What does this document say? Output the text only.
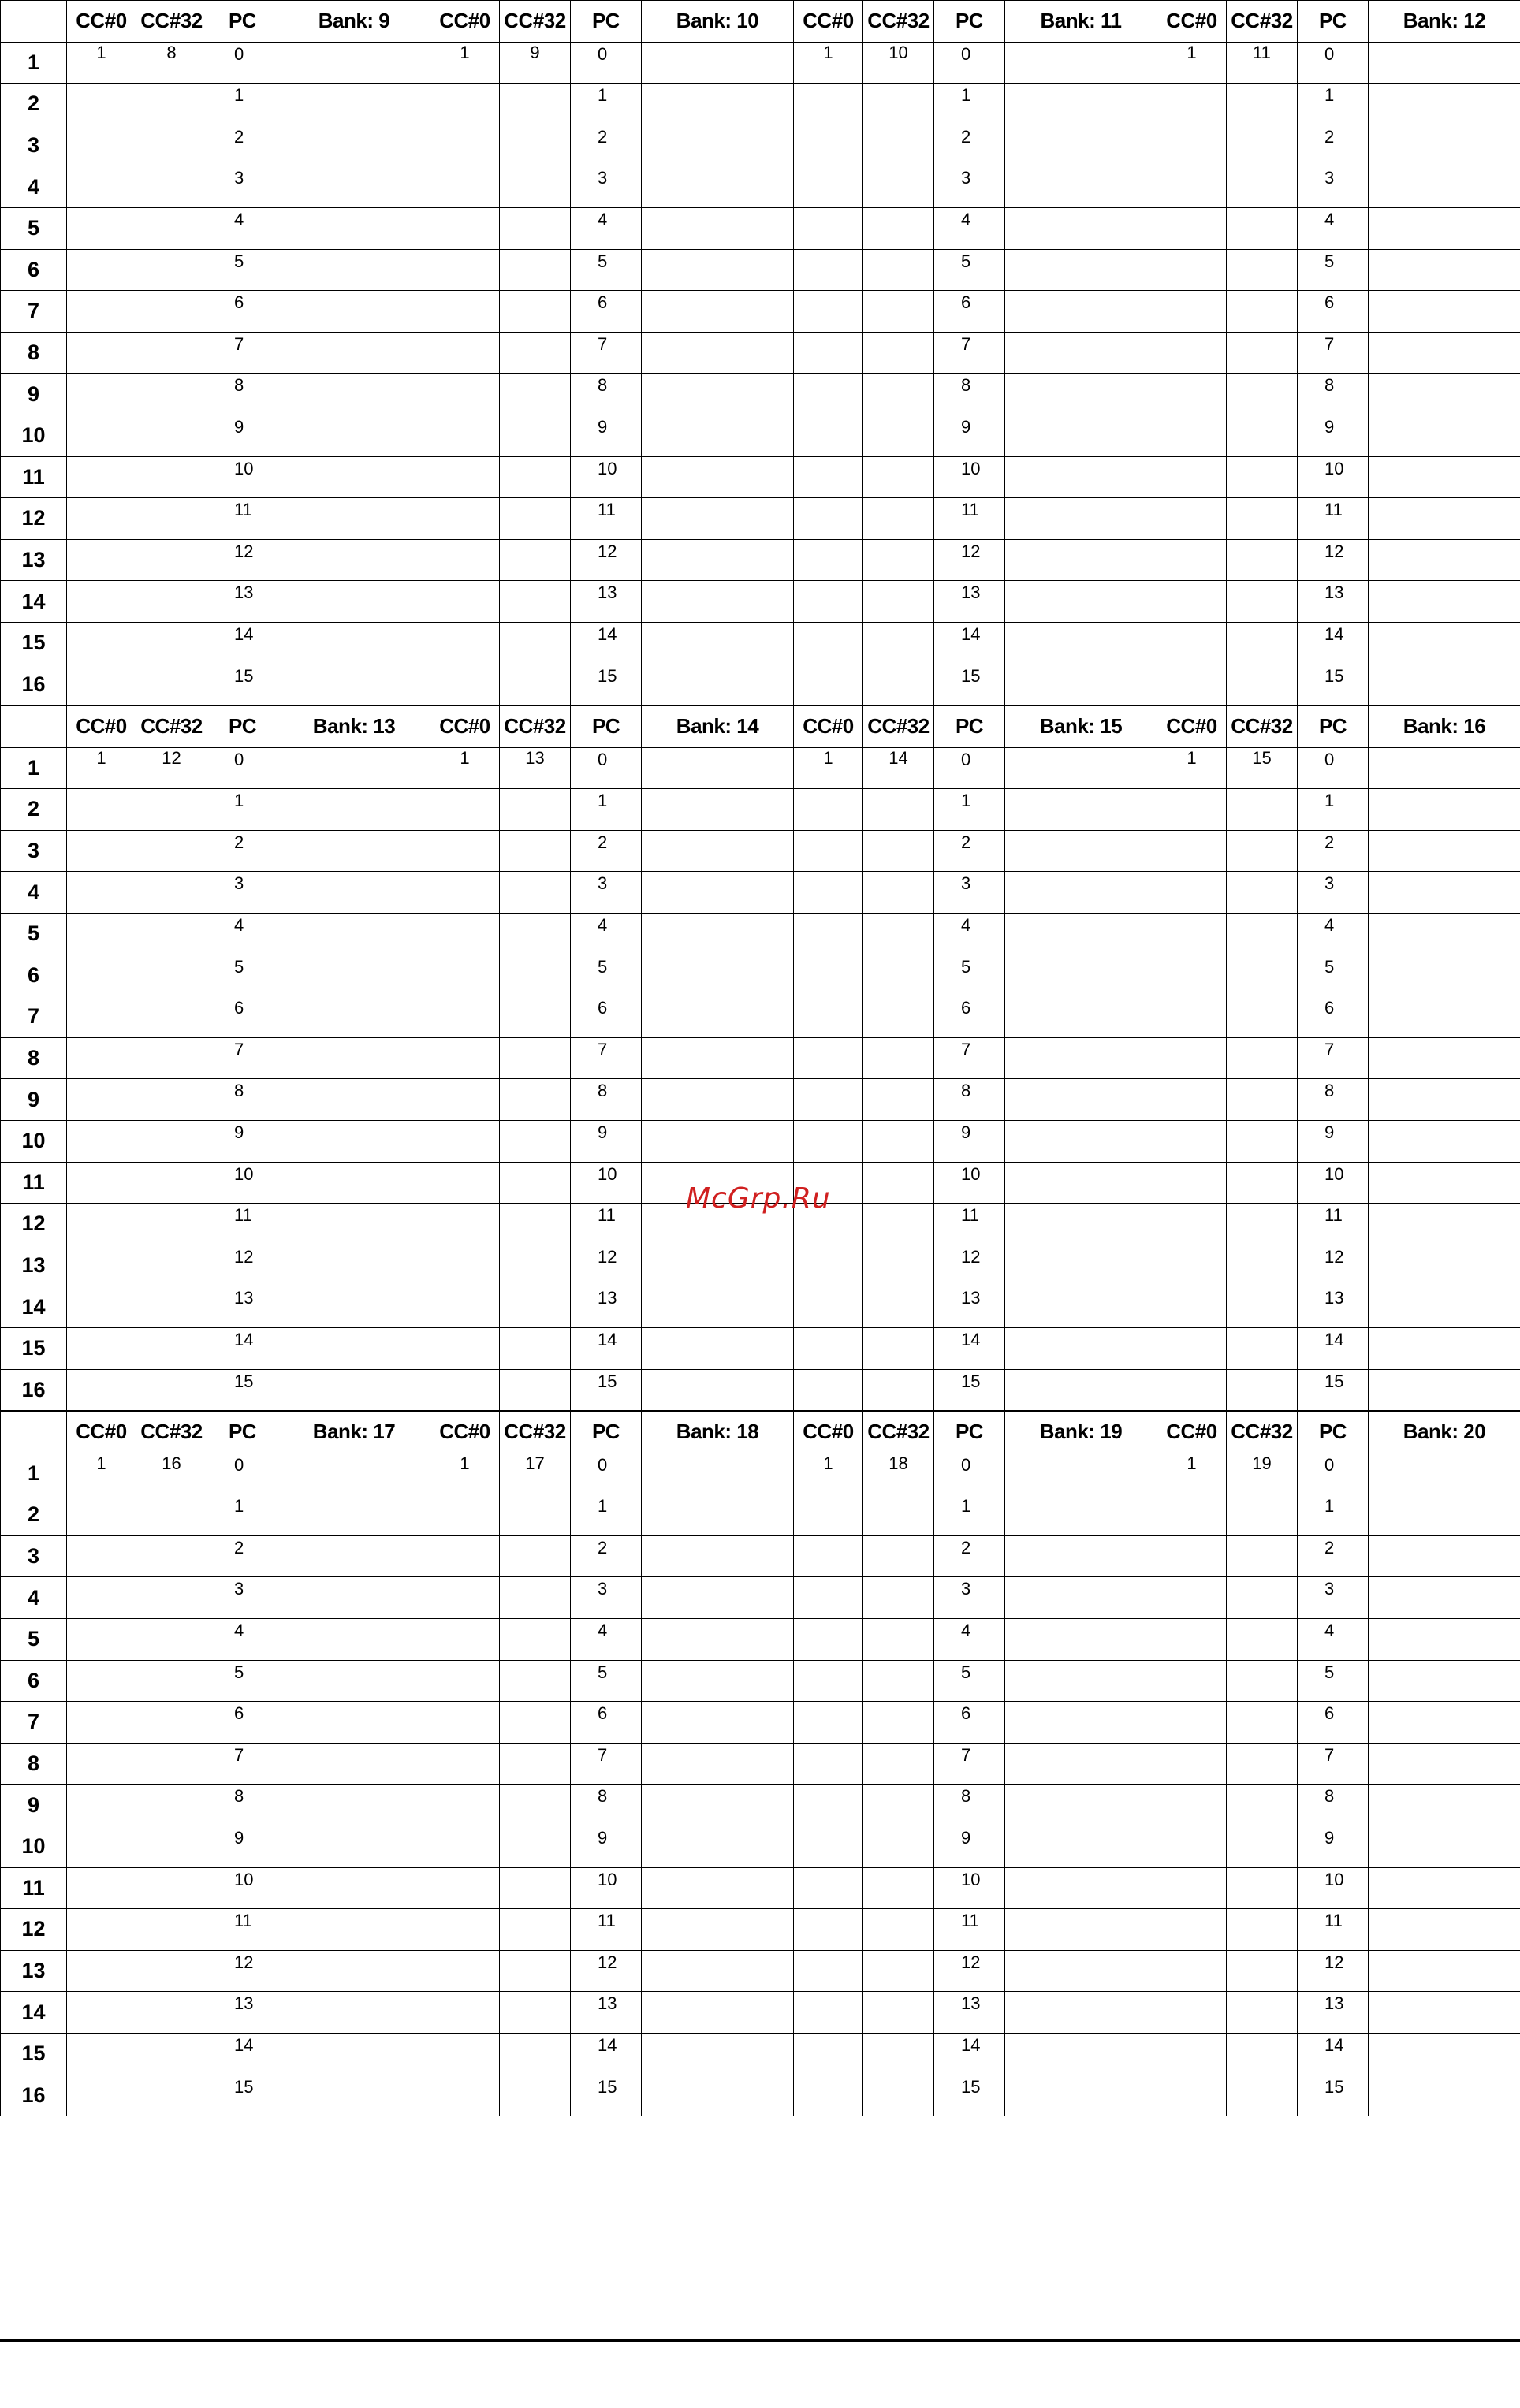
	CC#0	CC#32	PC	Bank: 9	CC#0	CC#32	PC	Bank: 10	CC#0	CC#32	PC	Bank: 11	CC#0	CC#32	PC	Bank: 12
1	1	8	0		1	9	0		1	10	0		1	11	0	
2			1				1				1				1	
3			2				2				2				2	
4			3				3				3				3	
5			4				4				4				4	
6			5				5				5				5	
7			6				6				6				6	
8			7				7				7				7	
9			8				8				8				8	
10			9				9				9				9	
11			10				10				10				10	
12			11				11				11				11	
13			12				12				12				12	
14			13				13				13				13	
15			14				14				14				14	
16			15				15				15				15	
	CC#0	CC#32	PC	Bank: 13	CC#0	CC#32	PC	Bank: 14	CC#0	CC#32	PC	Bank: 15	CC#0	CC#32	PC	Bank: 16
1	1	12	0		1	13	0		1	14	0		1	15	0	
2			1				1				1				1	
3			2				2				2				2	
4			3				3				3				3	
5			4				4				4				4	
6			5				5				5				5	
7			6				6				6				6	
8			7				7				7				7	
9			8				8				8				8	
10			9				9				9				9	
11			10				10				10				10	
12			11				11				11				11	
13			12				12				12				12	
14			13				13				13				13	
15			14				14				14				14	
16			15				15				15				15	
	CC#0	CC#32	PC	Bank: 17	CC#0	CC#32	PC	Bank: 18	CC#0	CC#32	PC	Bank: 19	CC#0	CC#32	PC	Bank: 20
1	1	16	0		1	17	0		1	18	0		1	19	0	
2			1				1				1				1	
3			2				2				2				2	
4			3				3				3				3	
5			4				4				4				4	
6			5				5				5				5	
7			6				6				6				6	
8			7				7				7				7	
9			8				8				8				8	
10			9				9				9				9	
11			10				10				10				10	
12			11				11				11				11	
13			12				12				12				12	
14			13				13				13				13	
15			14				14				14				14	
16			15				15				15				15	
McGrp.Ru
